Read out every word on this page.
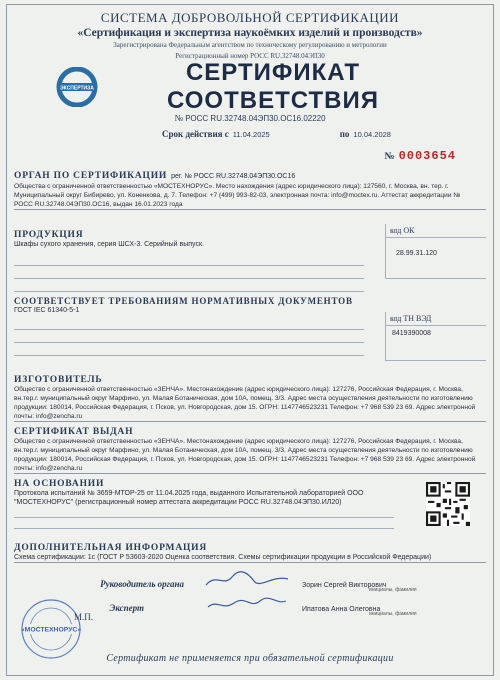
СИСТЕМА ДОБРОВОЛЬНОЙ СЕРТИФИКАЦИИ
«Сертификация и экспертиза наукоёмких изделий и производств»
Зарегистрирована Федеральным агентством по техническому регулированию и метрологии
Регистрационный номер РОСС RU.32748.04ЭП30
ЭКСПЕРТИЗА
СЕРТИФИКАТ СООТВЕТСТВИЯ
№ РОСС RU.32748.04ЭП30.ОС16.02220
Срок действия с 11.04.2025	по 10.04.2028
№ 0003654
ОРГАН ПО СЕРТИФИКАЦИИ рег. № РОСС RU.32748.04ЭП30.ОС16
Общества с ограниченной ответственностью «МОСТЕХНОРУС». Место нахождения (адрес юридического лица): 127560, г. Москва, вн. тер. г. Муниципальный округ Бибирево, ул. Коненкова, д. 7. Телефон: +7 (499) 993-82-03, электронная почта: info@moctex.ru. Аттестат аккредитации № РОСС RU.32748.04ЭП30.ОС16, выдан 16.01.2023 года
ПРОДУКЦИЯ
Шкафы сухого хранения, серия ШСХ-3. Серийный выпуск.
код ОК
28.99.31.120
СООТВЕТСТВУЕТ ТРЕБОВАНИЯМ НОРМАТИВНЫХ ДОКУМЕНТОВ
ГОСТ IEC 61340-5-1
код ТН ВЭД
8419390008
ИЗГОТОВИТЕЛЬ
Общество с ограниченной ответственностью «ЗЕНЧА». Местонахождение (адрес юридического лица): 127276, Российская Федерация, г. Москва, вн.тер.г. муниципальный округ Марфино, ул. Малая Ботаническая, дом 10А, помещ. 3/3. Адрес места осуществления деятельности по изготовлению продукции: 180014, Российская Федерация, г. Псков, ул. Новгородская, дом 15. ОГРН: 1147746523231 Телефон: +7 968 539 23 69. Адрес электронной почты: info@zencha.ru
СЕРТИФИКАТ ВЫДАН
Общество с ограниченной ответственностью «ЗЕНЧА». Местонахождение (адрес юридического лица): 127276, Российская Федерация, г. Москва, вн.тер.г. муниципальный округ Марфино, ул. Малая Ботаническая, дом 10А, помещ. 3/3. Адрес места осуществления деятельности по изготовлению продукции: 180014, Российская Федерация, г. Псков, ул. Новгородская, дом 15. ОГРН: 1147746523231 Телефон: +7 968 539 23 69. Адрес электронной почты: info@zencha.ru
НА ОСНОВАНИИ
Протокола испытаний № 3659-МТОР-25 от 11.04.2025 года, выданного Испытательной лабораторией ООО "МОСТЕХНОРУС" (регистрационный номер аттестата аккредитации РОСС RU.32748.04ЭП30.ИЛ20)
ДОПОЛНИТЕЛЬНАЯ ИНФОРМАЦИЯ
Схема сертификации: 1с (ГОСТ Р 53603-2020 Оценка соответствия. Схемы сертификации продукции в Российской Федерации)
Руководитель органа	Зорин Сергей Викторович
инициалы, фамилия
Эксперт	Ипатова Анна Олеговна
инициалы, фамилия
«МОСТЕХНОРУС»
М.П.
Сертификат не применяется при обязательной сертификации
